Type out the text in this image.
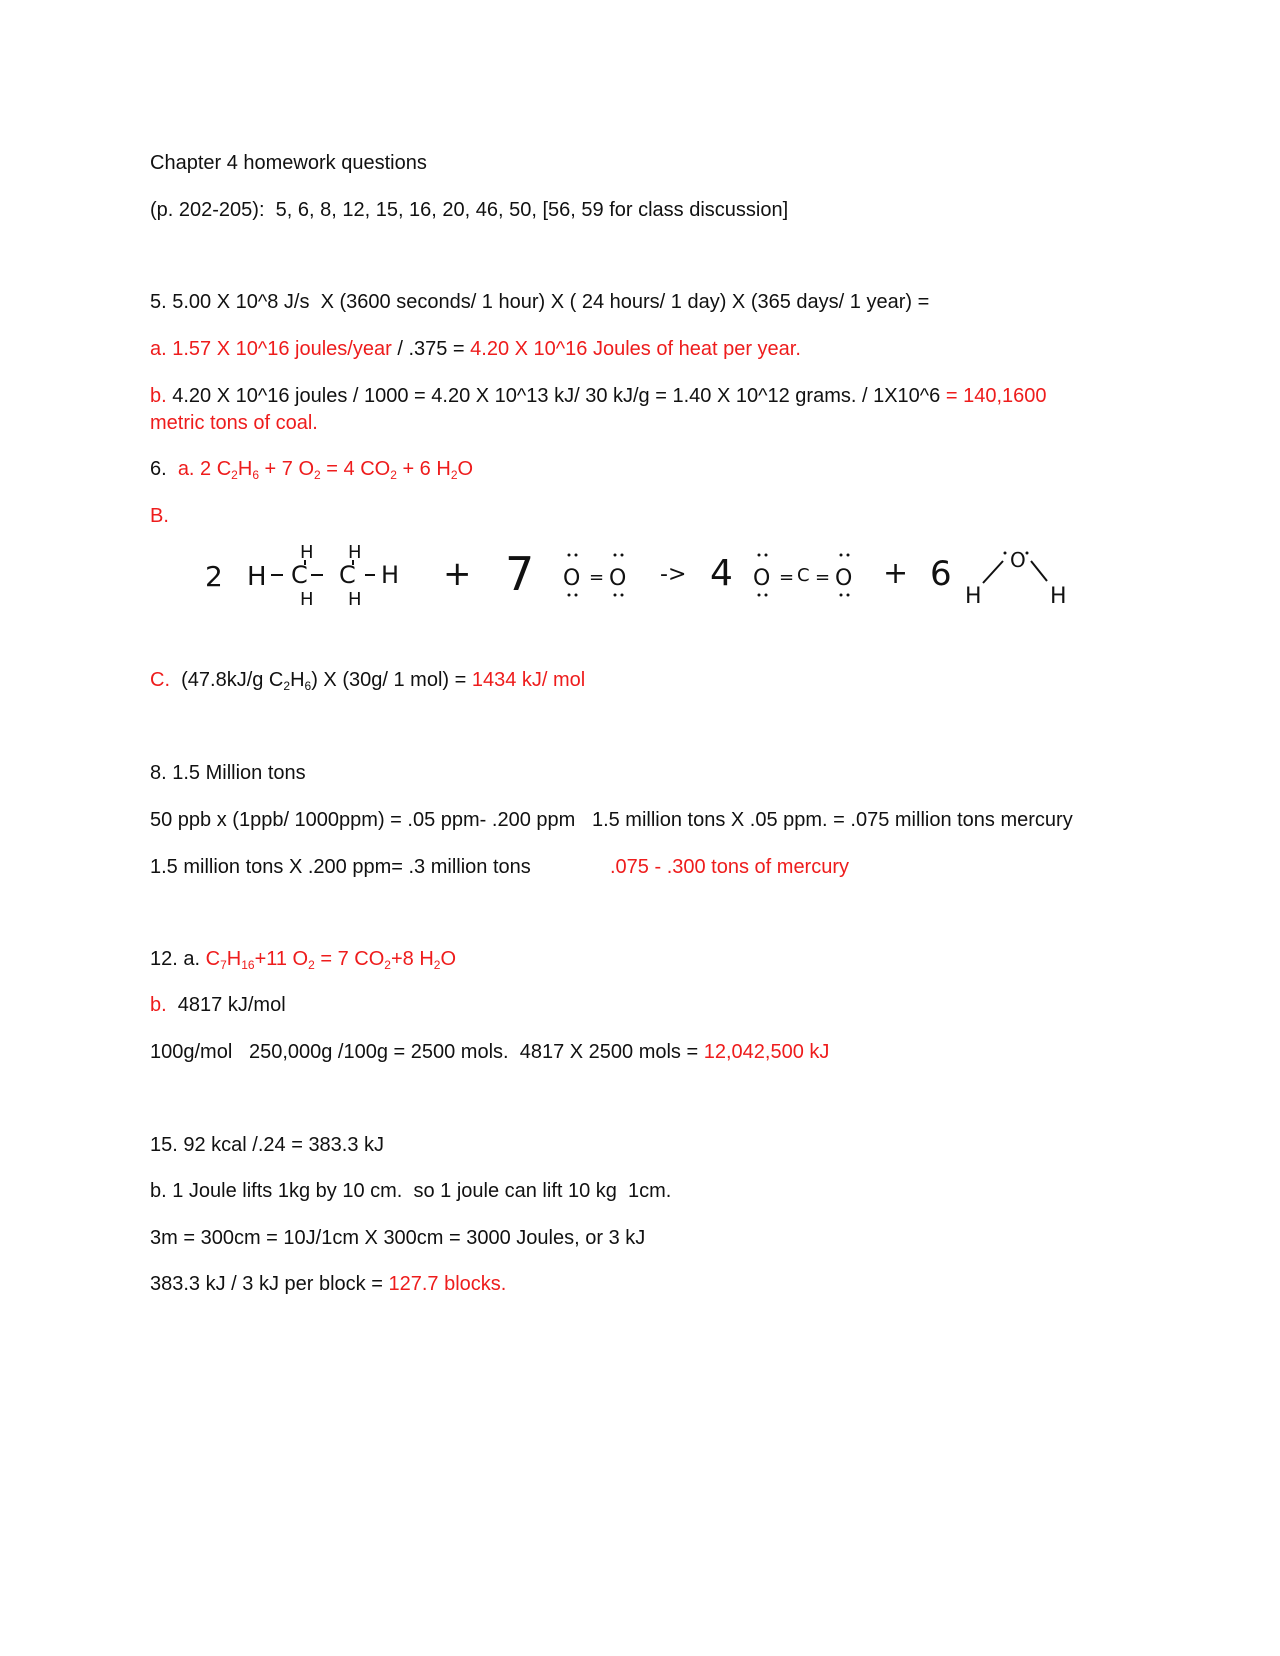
Chapter 4 homework questions
(p. 202-205):  5, 6, 8, 12, 15, 16, 20, 46, 50, [56, 59 for class discussion]
5. 5.00 X 10^8 J/s  X (3600 seconds/ 1 hour) X ( 24 hours/ 1 day) X (365 days/ 1 year) =
a. 1.57 X 10^16 joules/year / .375 = 4.20 X 10^16 Joules of heat per year.
b. 4.20 X 10^16 joules / 1000 = 4.20 X 10^13 kJ/ 30 kJ/g = 1.40 X 10^12 grams. / 1X10^6 = 140,1600
metric tons of coal.
6. a. 2 $C_2H_6 + 7$ $O_2 = 4$ $CO_2 + 6$ $H_2O$
B.
2 H
H
C
H
H
C
H
H + 7 O = O -> 4 O = C = O + 6	O
H	H
C.  (47.8kJ/g $C_2H_6$) X (30g/ 1 mol) = 1434 kJ/ mol
8. 1.5 Million tons
50 ppb x (1ppb/ 1000ppm) = .05 ppm- .200 ppm   1.5 million tons X .05 ppm. = .075 million tons mercury
1.5 million tons X .200 ppm= .3 million tons	.075 - .300 tons of mercury
12. a. $C_7H_{16}+11$ $O_2 = 7$ $CO_2+8$ $H_2O$
b.  4817 kJ/mol
100g/mol   250,000g /100g = 2500 mols.  4817 X 2500 mols = 12,042,500 kJ
15. 92 kcal /.24 = 383.3 kJ
b. 1 Joule lifts 1kg by 10 cm.  so 1 joule can lift 10 kg  1cm.
3m = 300cm = 10J/1cm X 300cm = 3000 Joules, or 3 kJ
383.3 kJ / 3 kJ per block = 127.7 blocks.
